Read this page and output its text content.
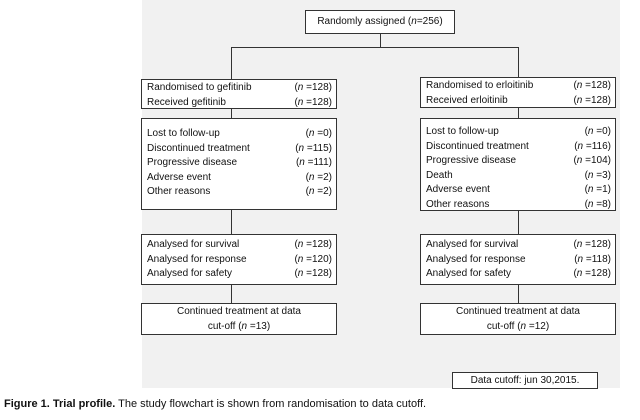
Randomly assigned (n=256)
Randomised to gefitinib	(n =128)
Received gefitinib	(n =128)
Lost to follow-up	(n =0)
Discontinued treatment	(n =115)
Progressive disease	(n =111)
Adverse event	(n =2)
Other reasons	(n =2)
Analysed for survival	(n =128)
Analysed for response	(n =120)
Analysed for safety	(n =128)
Continued treatment at data
cut-off (n =13)
Randomised to erloitinib	(n =128)
Received erloitinib	(n =128)
Lost to follow-up	(n =0)
Discontinued treatment	(n =116)
Progressive disease	(n =104)
Death	(n =3)
Adverse event	(n =1)
Other reasons	(n =8)
Analysed for survival	(n =128)
Analysed for response	(n =118)
Analysed for safety	(n =128)
Continued treatment at data
cut-off (n =12)
Data cutoff: jun 30,2015.
Figure 1. Trial profile. The study flowchart is shown from randomisation to data cutoff.
